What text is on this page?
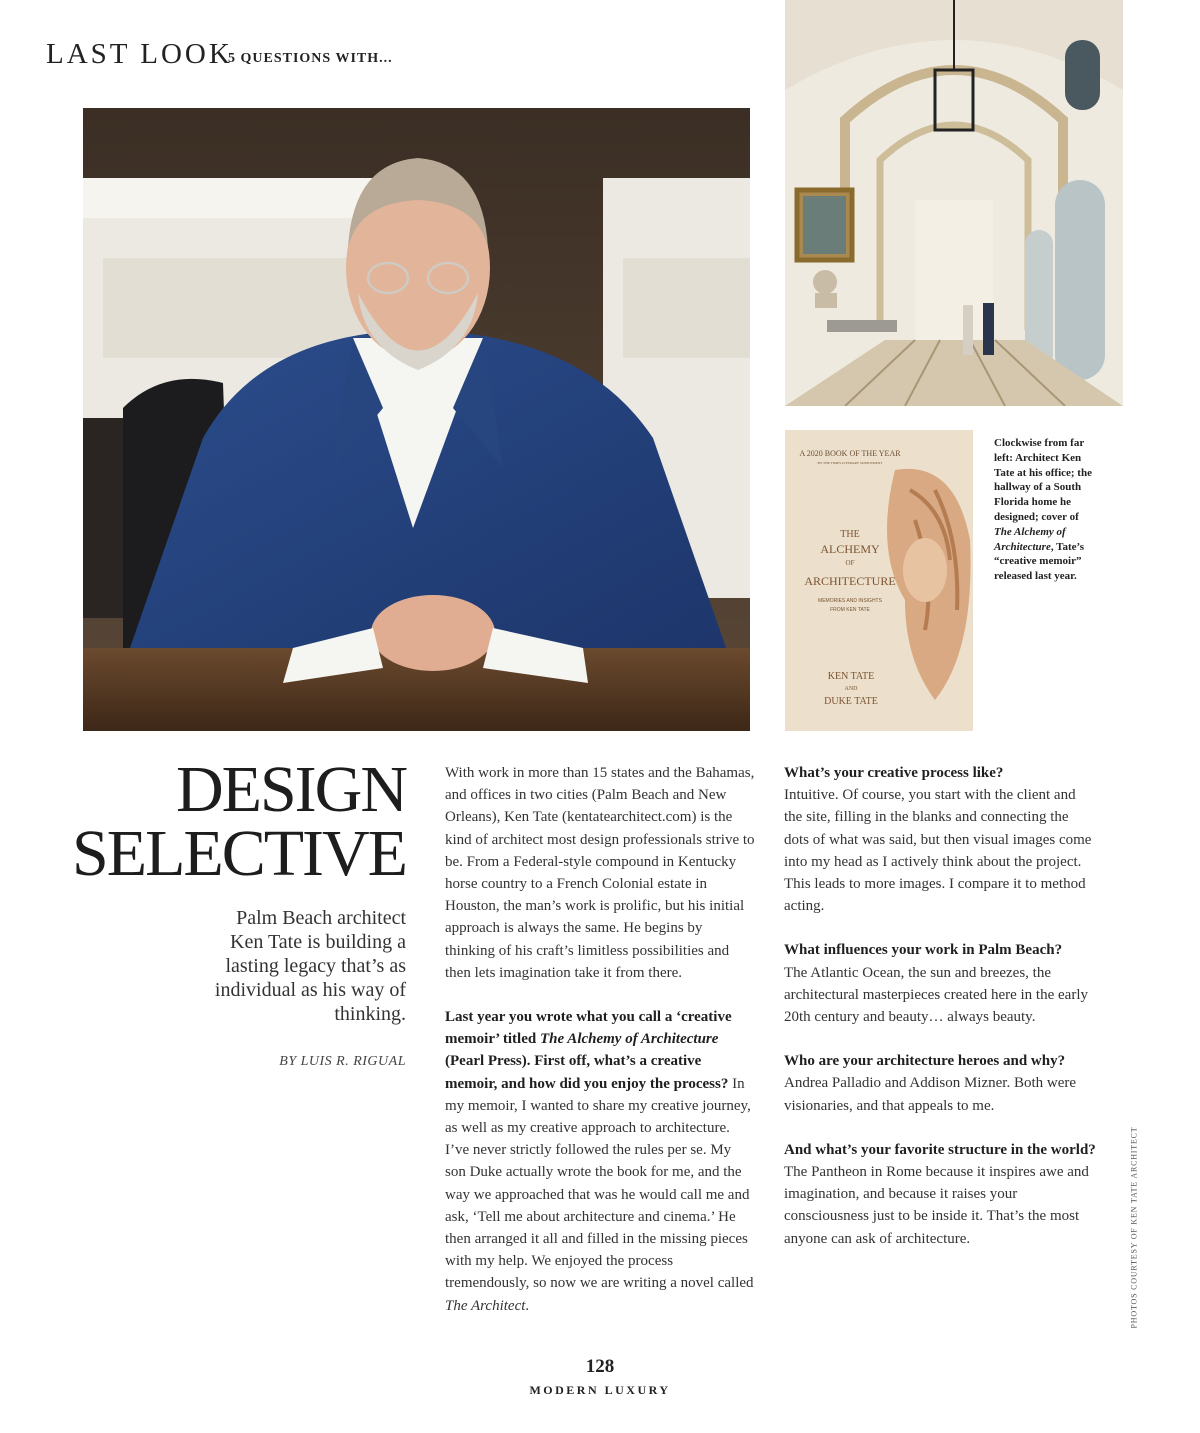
LAST LOOK
5 QUESTIONS WITH...
A 2020 BOOK OF THE YEAR
BY THE TIMES LITERARY SUPPLEMENT
THE
ALCHEMY
OF
ARCHITECTURE
MEMORIES AND INSIGHTS
FROM KEN TATE
KEN TATE
AND
DUKE TATE
Clockwise from far left: Architect Ken Tate at his office; the hallway of a South Florida home he designed; cover of The Alchemy of Architecture, Tate’s “creative memoir” released last year.
DESIGN
SELECTIVE
Palm Beach architect Ken Tate is building a lasting legacy that’s as individual as his way of thinking.
BY LUIS R. RIGUAL

With work in more than 15 states and the Bahamas, and offices in two cities (Palm Beach and New Orleans), Ken Tate (kentatearchitect.com) is the kind of architect most design professionals strive to be. From a Federal-style compound in Kentucky horse country to a French Colonial estate in Houston, the man’s work is prolific, but his initial approach is always the same. He begins by thinking of his craft’s limitless possibilities and then lets imagination take it from there.

Last year you wrote what you call a ‘creative memoir’ titled The Alchemy of Architecture (Pearl Press). First off, what’s a creative memoir, and how did you enjoy the process? In my memoir, I wanted to share my creative journey, as well as my creative approach to architecture. I’ve never strictly followed the rules per se. My son Duke actually wrote the book for me, and the way we approached that was he would call me and ask, ‘Tell me about architecture and cinema.’ He then arranged it all and filled in the missing pieces with my help. We enjoyed the process tremendously, so now we are writing a novel called The Architect.

What’s your creative process like?
Intuitive. Of course, you start with the client and the site, filling in the blanks and connecting the dots of what was said, but then visual images come into my head as I actively think about the project. This leads to more images. I compare it to method acting.

What influences your work in Palm Beach?
The Atlantic Ocean, the sun and breezes, the architectural masterpieces created here in the early 20th century and beauty… always beauty.

Who are your architecture heroes and why?
Andrea Palladio and Addison Mizner. Both were visionaries, and that appeals to me.

And what’s your favorite structure in the world? The Pantheon in Rome because it inspires awe and imagination, and because it raises your consciousness just to be inside it. That’s the most anyone can ask of architecture.	PHOTOS COURTESY OF KEN TATE ARCHITECT
128
MODERN LUXURY
